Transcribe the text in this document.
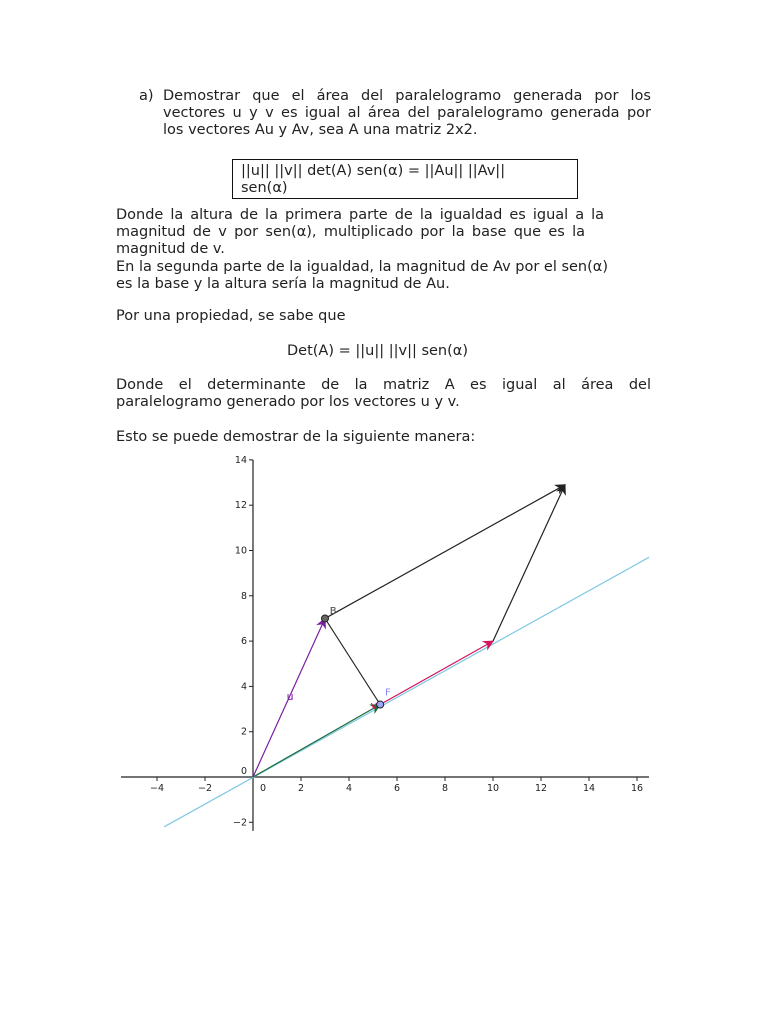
a) Demostrar que el área del paralelogramo generada por los
vectores u y v es igual al área del paralelogramo generada por
los vectores Au y Av, sea A una matriz 2x2.
||u|| ||v|| det(A) sen(α) = ||Au|| ||Av||
sen(α)
Donde la altura de la primera parte de la igualdad es igual a la
magnitud de v por sen(α), multiplicado por la base que es la
magnitud de v.
En la segunda parte de la igualdad, la magnitud de Av por el sen(α)
es la base y la altura sería la magnitud de Au.
Por una propiedad, se sabe que
Det(A) = ||u|| ||v|| sen(α)
Donde el determinante de la matriz A es igual al área del
paralelogramo generado por los vectores u y v.
Esto se puede demostrar de la siguiente manera:
−4	−2	0	2	4	6	8	10	12	14	16
−2
0
2
4
6
8
10
12
14
u
v
B
F
